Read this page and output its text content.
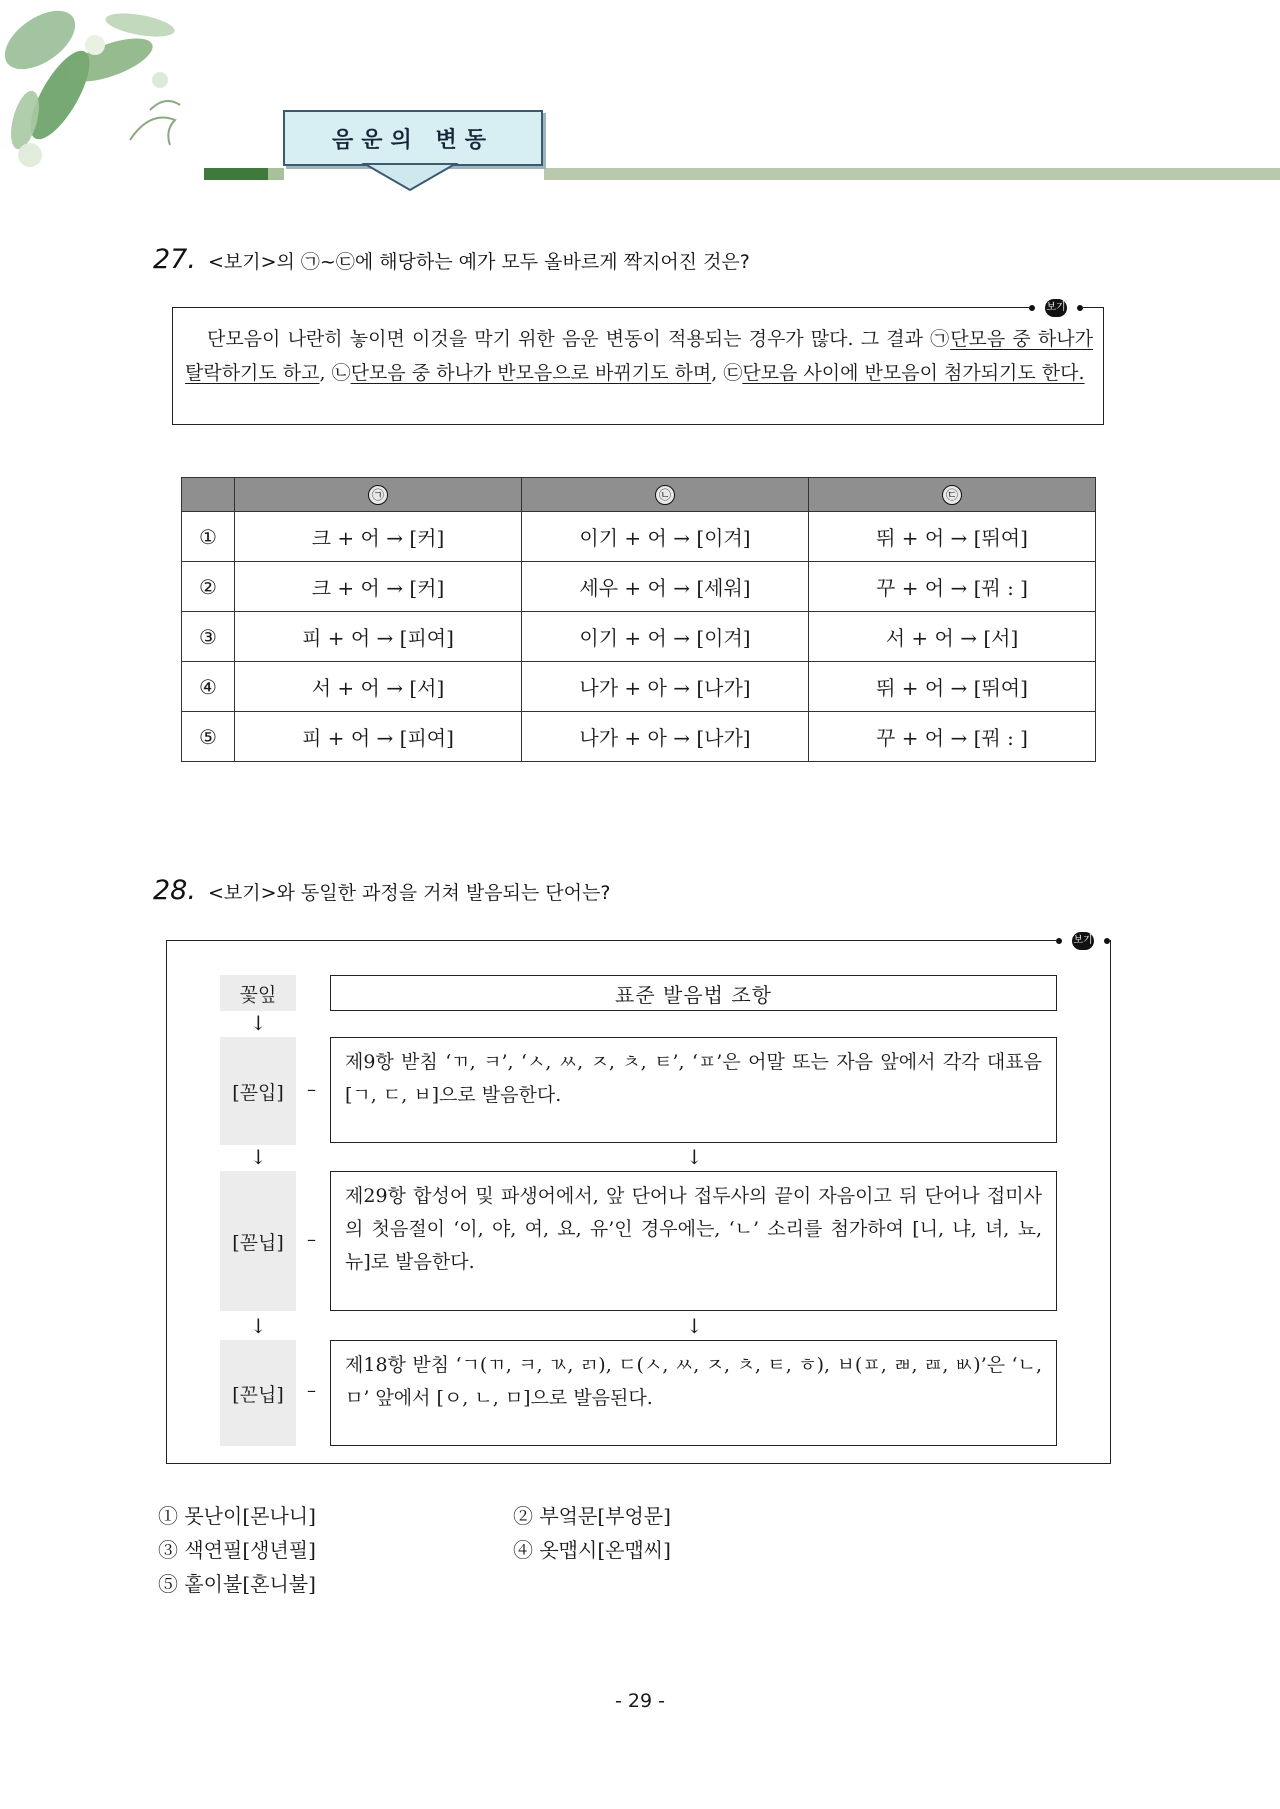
음운의 변동
27. <보기>의 ㉠~㉢에 해당하는 예가 모두 올바르게 짝지어진 것은?
보기

단모음이 나란히 놓이면 이것을 막기 위한 음운 변동이 적용되는 경우가 많다. 그 결과 ㉠단모음 중 하나가 탈락하기도 하고, ㉡단모음 중 하나가 반모음으로 바뀌기도 하며, ㉢단모음 사이에 반모음이 첨가되기도 한다.

	㉠	㉡	㉢
①	크 + 어 → [커]	이기 + 어 → [이겨]	뛰 + 어 → [뛰여]
②	크 + 어 → [커]	세우 + 어 → [세워]	꾸 + 어 → [꿔 : ]
③	피 + 어 → [피여]	이기 + 어 → [이겨]	서 + 어 → [서]
④	서 + 어 → [서]	나가 + 아 → [나가]	뛰 + 어 → [뛰여]
⑤	피 + 어 → [피여]	나가 + 아 → [나가]	꾸 + 어 → [꿔 : ]
28. <보기>와 동일한 과정을 거쳐 발음되는 단어는?
보기
꽃잎
↓
표준 발음법 조항
[꼳입]	–
제9항 받침 ‘ㄲ, ㅋ’, ‘ㅅ, ㅆ, ㅈ, ㅊ, ㅌ’, ‘ㅍ’은 어말 또는 자음 앞에서 각각 대표음 [ㄱ, ㄷ, ㅂ]으로 발음한다.
↓	↓
[꼳닙]	–
제29항 합성어 및 파생어에서, 앞 단어나 접두사의 끝이 자음이고 뒤 단어나 접미사의 첫음절이 ‘이, 야, 여, 요, 유’인 경우에는, ‘ㄴ’ 소리를 첨가하여 [니, 냐, 녀, 뇨, 뉴]로 발음한다.
↓	↓
[꼰닙]	–
제18항 받침 ‘ㄱ(ㄲ, ㅋ, ㄳ, ㄺ), ㄷ(ㅅ, ㅆ, ㅈ, ㅊ, ㅌ, ㅎ), ㅂ(ㅍ, ㄼ, ㄿ, ㅄ)’은 ‘ㄴ, ㅁ’ 앞에서 [ㅇ, ㄴ, ㅁ]으로 발음된다.
① 못난이[몬나니]	② 부엌문[부엉문]
③ 색연필[생년필]	④ 옷맵시[온맵씨]
⑤ 홑이불[혼니불]
- 29 -
